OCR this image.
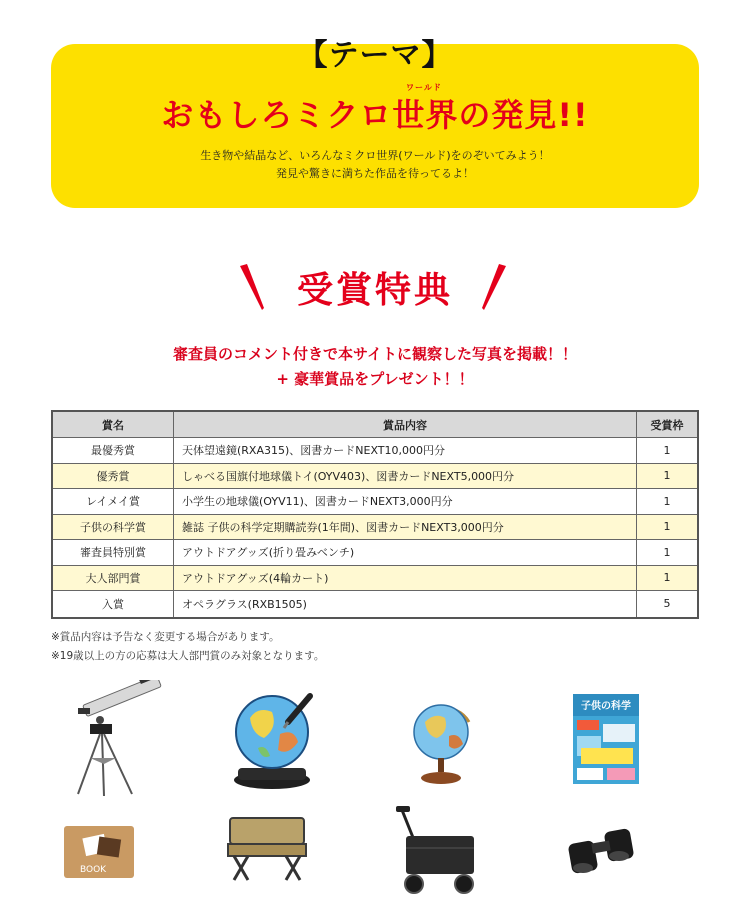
【テーマ】
ワールド
おもしろミクロ世界の発見!!
生き物や結晶など、いろんなミクロ世界(ワールド)をのぞいてみよう！
発見や驚きに満ちた作品を待ってるよ！
受賞特典
審査員のコメント付きで本サイトに観察した写真を掲載！！
+ 豪華賞品をプレゼント！！
賞名	賞品内容	受賞枠
最優秀賞	天体望遠鏡(RXA315)、図書カードNEXT10,000円分	1
優秀賞	しゃべる国旗付地球儀トイ(OYV403)、図書カードNEXT5,000円分	1
レイメイ賞	小学生の地球儀(OYV11)、図書カードNEXT3,000円分	1
子供の科学賞	雑誌 子供の科学定期購読券(1年間)、図書カードNEXT3,000円分	1
審査員特別賞	アウトドアグッズ(折り畳みベンチ)	1
大人部門賞	アウトドアグッズ(4輪カート)	1
入賞	オペラグラス(RXB1505)	5
※賞品内容は予告なく変更する場合があります。
※19歳以上の方の応募は大人部門賞のみ対象となります。
子供の科学
BOOK
